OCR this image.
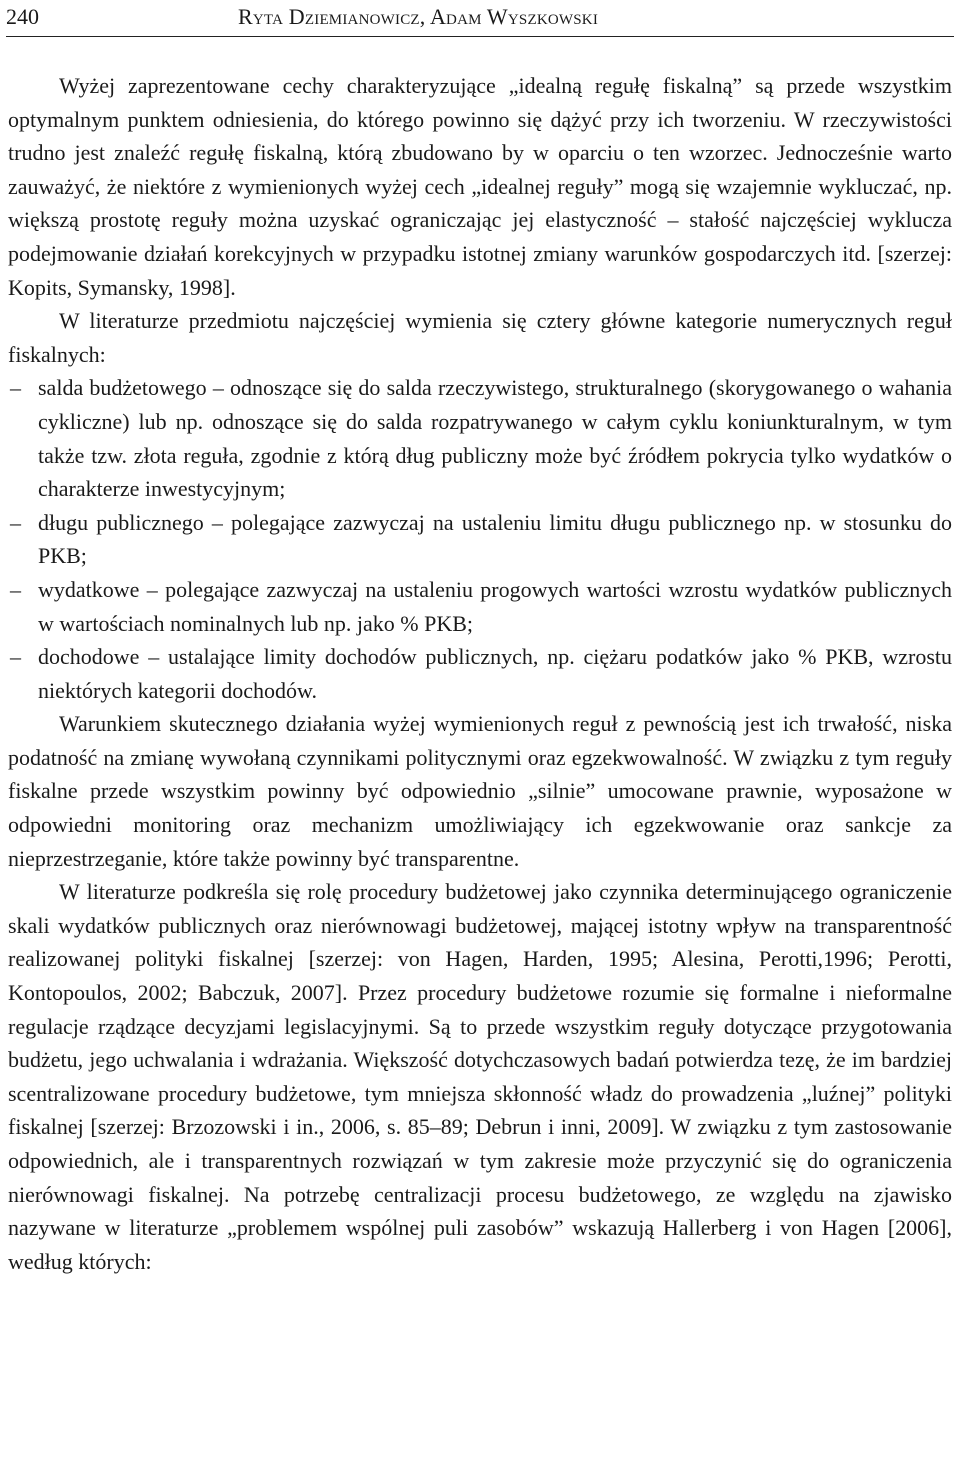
240	Ryta Dziemianowicz, Adam Wyszkowski

Wyżej zaprezentowane cechy charakteryzujące „idealną regułę fiskalną” są przede wszystkim optymalnym punktem odniesienia, do którego powinno się dążyć przy ich tworzeniu. W rzeczywistości trudno jest znaleźć regułę fiskalną, którą zbudowano by w oparciu o ten wzorzec. Jednocześnie warto zauważyć, że niektóre z wymienionych wyżej cech „idealnej reguły” mogą się wzajemnie wykluczać, np. większą prostotę reguły można uzyskać ograniczając jej elastyczność – stałość najczęściej wyklucza podejmowanie działań korekcyjnych w przypadku istotnej zmiany warunków gospodarczych itd. [szerzej: Kopits, Symansky, 1998].

W literaturze przedmiotu najczęściej wymienia się cztery główne kategorie numerycznych reguł fiskalnych:

– salda budżetowego – odnoszące się do salda rzeczywistego, strukturalnego (skorygowanego o wahania cykliczne) lub np. odnoszące się do salda rozpatrywanego w całym cyklu koniunkturalnym, w tym także tzw. złota reguła, zgodnie z którą dług publiczny może być źródłem pokrycia tylko wydatków o charakterze inwestycyjnym;
– długu publicznego – polegające zazwyczaj na ustaleniu limitu długu publicznego np. w stosunku do PKB;
– wydatkowe – polegające zazwyczaj na ustaleniu progowych wartości wzrostu wydatków publicznych w wartościach nominalnych lub np. jako % PKB;
– dochodowe – ustalające limity dochodów publicznych, np. ciężaru podatków jako % PKB, wzrostu niektórych kategorii dochodów.

Warunkiem skutecznego działania wyżej wymienionych reguł z pewnością jest ich trwałość, niska podatność na zmianę wywołaną czynnikami politycznymi oraz egzekwowalność. W związku z tym reguły fiskalne przede wszystkim powinny być odpowiednio „silnie” umocowane prawnie, wyposażone w odpowiedni monitoring oraz mechanizm umożliwiający ich egzekwowanie oraz sankcje za nieprzestrzeganie, które także powinny być transparentne.

W literaturze podkreśla się rolę procedury budżetowej jako czynnika determinującego ograniczenie skali wydatków publicznych oraz nierównowagi budżetowej, mającej istotny wpływ na transparentność realizowanej polityki fiskalnej [szerzej: von Hagen, Harden, 1995; Alesina, Perotti,1996; Perotti, Kontopoulos, 2002; Babczuk, 2007]. Przez procedury budżetowe rozumie się formalne i nieformalne regulacje rządzące decyzjami legislacyjnymi. Są to przede wszystkim reguły dotyczące przygotowania budżetu, jego uchwalania i wdrażania. Większość dotychczasowych badań potwierdza tezę, że im bardziej scentralizowane procedury budżetowe, tym mniejsza skłonność władz do prowadzenia „luźnej” polityki fiskalnej [szerzej: Brzozowski i in., 2006, s. 85–89; Debrun i inni, 2009]. W związku z tym zastosowanie odpowiednich, ale i transparentnych rozwiązań w tym zakresie może przyczynić się do ograniczenia nierównowagi fiskalnej. Na potrzebę centralizacji procesu budżetowego, ze względu na zjawisko nazywane w literaturze „problemem wspólnej puli zasobów” wskazują Hallerberg i von Hagen [2006], według których:
